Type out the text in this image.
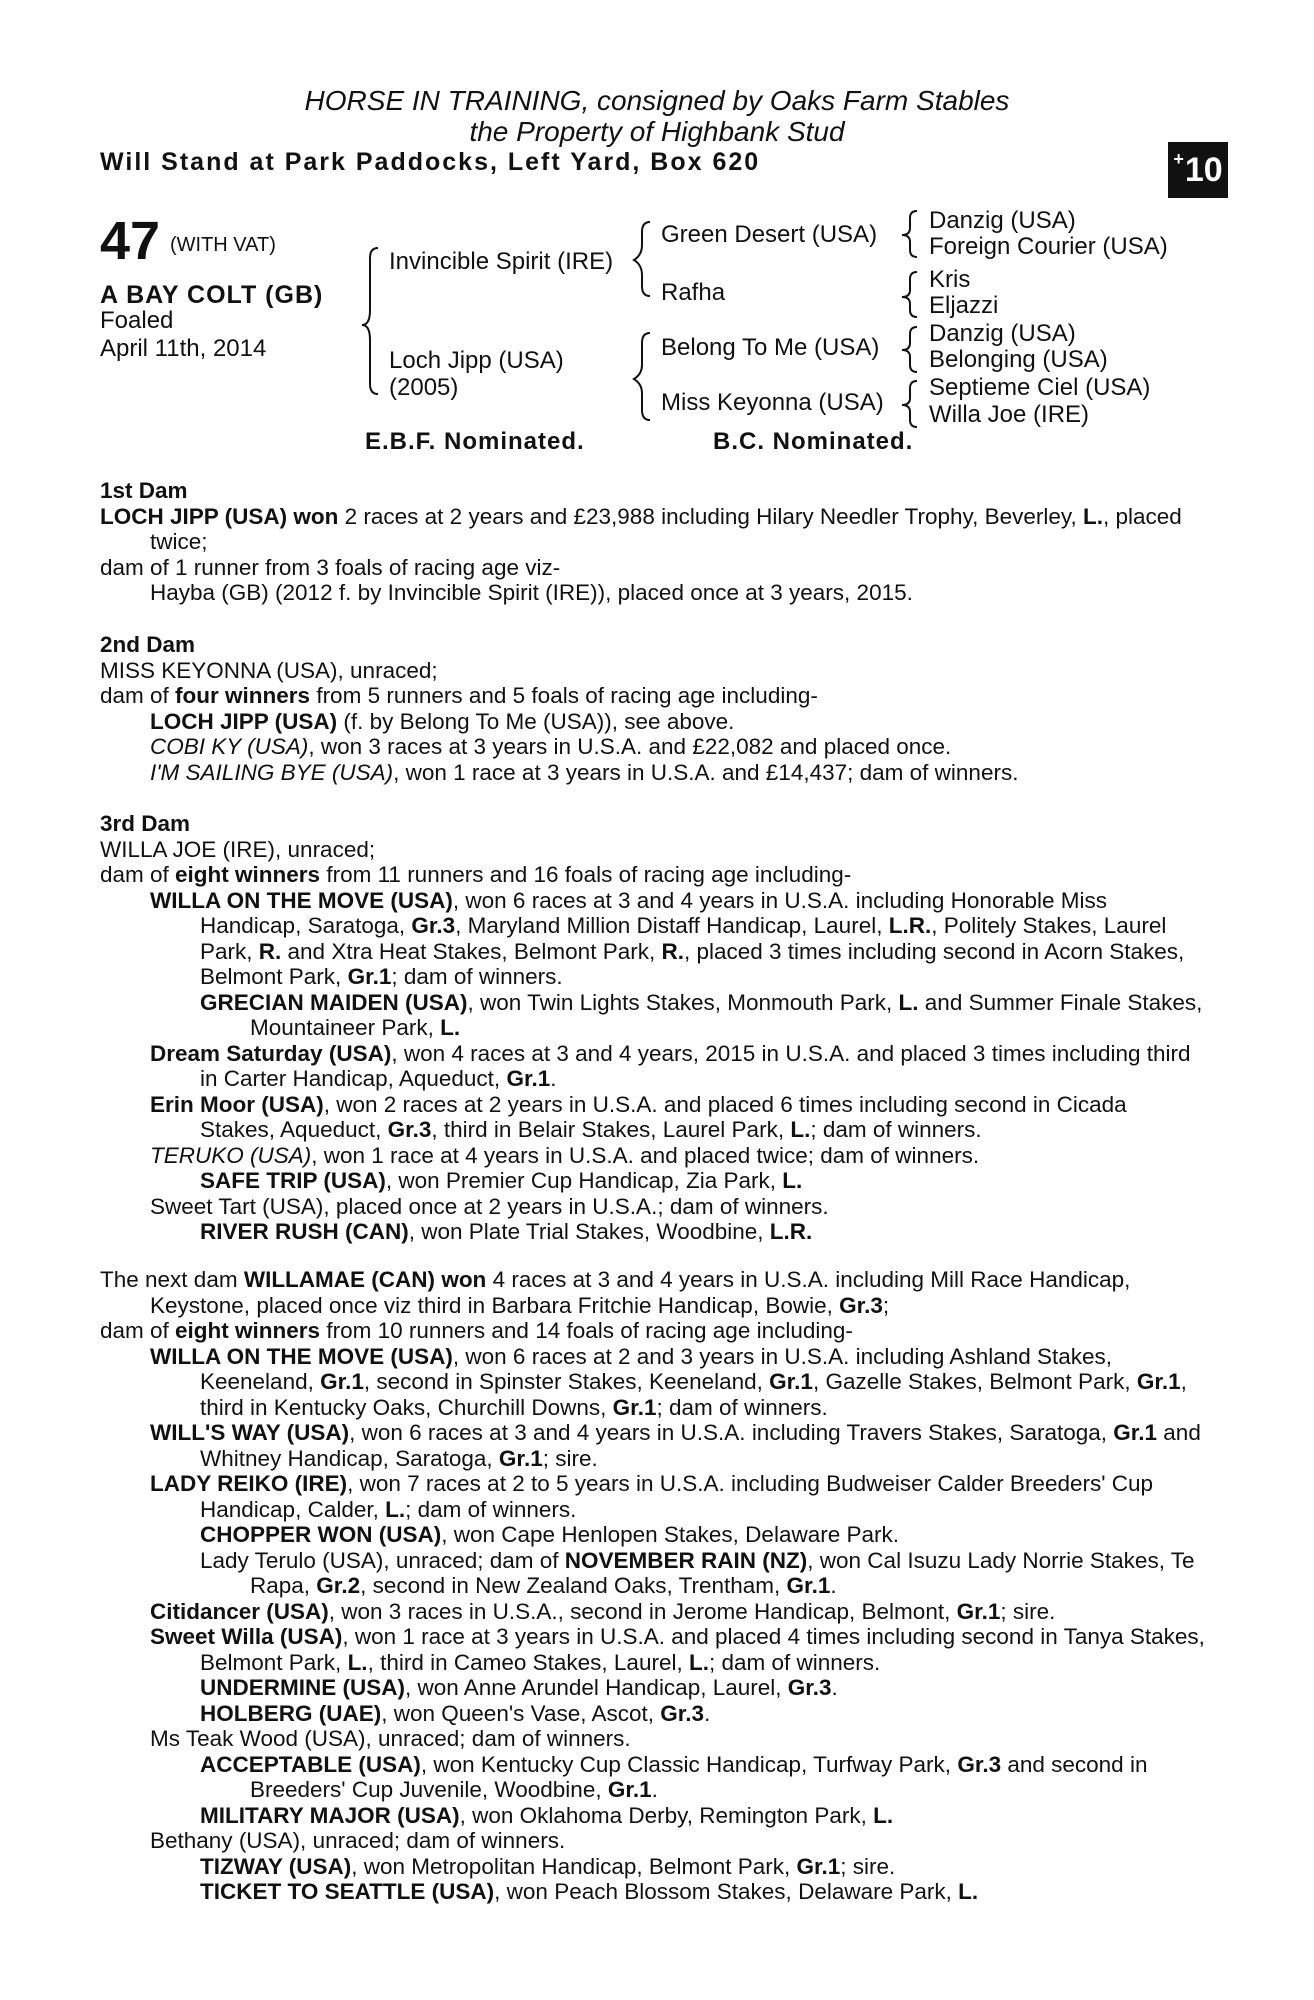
HORSE IN TRAINING, consigned by Oaks Farm Stables
the Property of Highbank Stud
Will Stand at Park Paddocks, Left Yard, Box 620	+ 10
47 (WITH VAT)
A BAY COLT (GB)
Foaled
April 11th, 2014
Invincible Spirit (IRE)
Loch Jipp (USA)
(2005)
Green Desert (USA)
Rafha
Belong To Me (USA)
Miss Keyonna (USA)
Danzig (USA)
Foreign Courier (USA)
Kris
Eljazzi
Danzig (USA)
Belonging (USA)
Septieme Ciel (USA)
Willa Joe (IRE)
E.B.F. Nominated.	B.C. Nominated.

1st Dam

LOCH JIPP (USA) won 2 races at 2 years and £23,988 including Hilary Needler Trophy, Beverley, L., placed twice;

dam of 1 runner from 3 foals of racing age viz-

Hayba (GB) (2012 f. by Invincible Spirit (IRE)), placed once at 3 years, 2015.

2nd Dam

MISS KEYONNA (USA), unraced;

dam of four winners from 5 runners and 5 foals of racing age including-

LOCH JIPP (USA) (f. by Belong To Me (USA)), see above.

COBI KY (USA), won 3 races at 3 years in U.S.A. and £22,082 and placed once.

I'M SAILING BYE (USA), won 1 race at 3 years in U.S.A. and £14,437; dam of winners.

3rd Dam

WILLA JOE (IRE), unraced;

dam of eight winners from 11 runners and 16 foals of racing age including-

WILLA ON THE MOVE (USA), won 6 races at 3 and 4 years in U.S.A. including Honorable Miss Handicap, Saratoga, Gr.3, Maryland Million Distaff Handicap, Laurel, L.R., Politely Stakes, Laurel Park, R. and Xtra Heat Stakes, Belmont Park, R., placed 3 times including second in Acorn Stakes, Belmont Park, Gr.1; dam of winners.

GRECIAN MAIDEN (USA), won Twin Lights Stakes, Monmouth Park, L. and Summer Finale Stakes, Mountaineer Park, L.

Dream Saturday (USA), won 4 races at 3 and 4 years, 2015 in U.S.A. and placed 3 times including third in Carter Handicap, Aqueduct, Gr.1.

Erin Moor (USA), won 2 races at 2 years in U.S.A. and placed 6 times including second in Cicada Stakes, Aqueduct, Gr.3, third in Belair Stakes, Laurel Park, L.; dam of winners.

TERUKO (USA), won 1 race at 4 years in U.S.A. and placed twice; dam of winners.

SAFE TRIP (USA), won Premier Cup Handicap, Zia Park, L.

Sweet Tart (USA), placed once at 2 years in U.S.A.; dam of winners.

RIVER RUSH (CAN), won Plate Trial Stakes, Woodbine, L.R.

The next dam WILLAMAE (CAN) won 4 races at 3 and 4 years in U.S.A. including Mill Race Handicap, Keystone, placed once viz third in Barbara Fritchie Handicap, Bowie, Gr.3;

dam of eight winners from 10 runners and 14 foals of racing age including-

WILLA ON THE MOVE (USA), won 6 races at 2 and 3 years in U.S.A. including Ashland Stakes, Keeneland, Gr.1, second in Spinster Stakes, Keeneland, Gr.1, Gazelle Stakes, Belmont Park, Gr.1, third in Kentucky Oaks, Churchill Downs, Gr.1; dam of winners.

WILL'S WAY (USA), won 6 races at 3 and 4 years in U.S.A. including Travers Stakes, Saratoga, Gr.1 and Whitney Handicap, Saratoga, Gr.1; sire.

LADY REIKO (IRE), won 7 races at 2 to 5 years in U.S.A. including Budweiser Calder Breeders' Cup Handicap, Calder, L.; dam of winners.

CHOPPER WON (USA), won Cape Henlopen Stakes, Delaware Park.

Lady Terulo (USA), unraced; dam of NOVEMBER RAIN (NZ), won Cal Isuzu Lady Norrie Stakes, Te Rapa, Gr.2, second in New Zealand Oaks, Trentham, Gr.1.

Citidancer (USA), won 3 races in U.S.A., second in Jerome Handicap, Belmont, Gr.1; sire.

Sweet Willa (USA), won 1 race at 3 years in U.S.A. and placed 4 times including second in Tanya Stakes, Belmont Park, L., third in Cameo Stakes, Laurel, L.; dam of winners.

UNDERMINE (USA), won Anne Arundel Handicap, Laurel, Gr.3.

HOLBERG (UAE), won Queen's Vase, Ascot, Gr.3.

Ms Teak Wood (USA), unraced; dam of winners.

ACCEPTABLE (USA), won Kentucky Cup Classic Handicap, Turfway Park, Gr.3 and second in Breeders' Cup Juvenile, Woodbine, Gr.1.

MILITARY MAJOR (USA), won Oklahoma Derby, Remington Park, L.

Bethany (USA), unraced; dam of winners.

TIZWAY (USA), won Metropolitan Handicap, Belmont Park, Gr.1; sire.

TICKET TO SEATTLE (USA), won Peach Blossom Stakes, Delaware Park, L.
